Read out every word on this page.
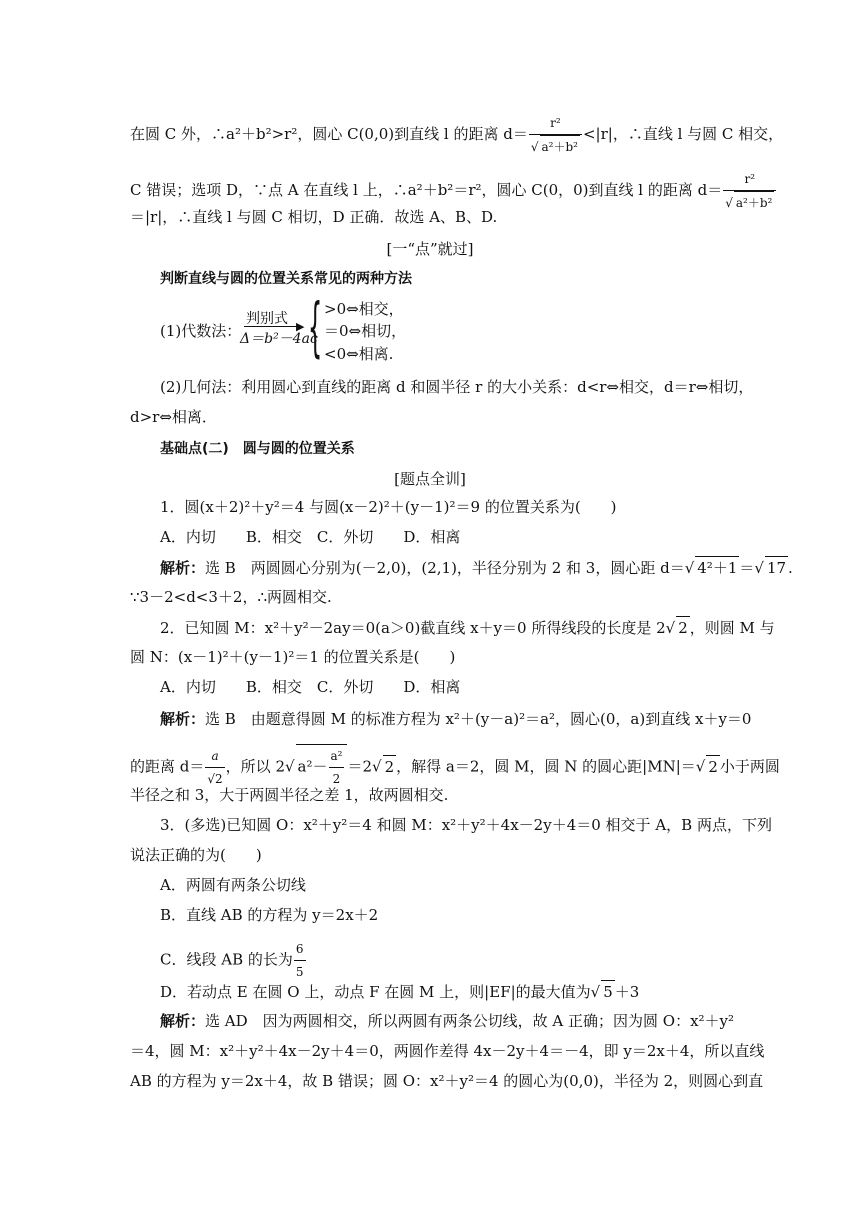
在圆 C 外，∴a²＋b²>r²，圆心 C(0,0)到直线 l 的距离 $d= \frac{\text{r²}}{\text{√ a²＋b²}} <|r|$，∴直线 l 与圆 C 相交，
C 错误；选项 D，∵点 A 在直线 l 上，∴a²＋b²＝r²，圆心 C(0，0)到直线 l 的距离 $d= \frac{\text{r²}}{\text{√ a²＋b²}}$
＝|r|，∴直线 l 与圆 C 相切，D 正确．故选 A、B、D.
[一“点”就过]
判断直线与圆的位置关系常见的两种方法
(1)代数法：
判别式 ▶
Δ＝b²－4ac
{ >0⇔相交，
＝0⇔相切，
<0⇔相离.
(2)几何法：利用圆心到直线的距离 d 和圆半径 r 的大小关系：d<r⇔相交，d＝r⇔相切，
d>r⇔相离．
基础点(二)　圆与圆的位置关系
[题点全训]
1．圆(x＋2)²＋y²＝4 与圆(x－2)²＋(y－1)²＝9 的位置关系为(　　)
A．内切　　B．相交　C．外切　　D．相离
解析：选 B　两圆圆心分别为(－2,0)，(2,1)，半径分别为 2 和 3，圆心距 d＝√ 4²＋1 ＝√ 17 .
∵3－2<d<3＋2，∴两圆相交.
2．已知圆 M：x²＋y²－2ay＝0(a＞0)截直线 x＋y＝0 所得线段的长度是 2√ 2 ，则圆 M 与
圆 N：(x－1)²＋(y－1)²＝1 的位置关系是(　　)
A．内切　　B．相交　C．外切　　D．相离
解析：选 B　由题意得圆 M 的标准方程为 x²＋(y－a)²＝a²，圆心(0，a)到直线 x＋y＝0
的距离 $d= \frac{a}{√2}$ ，所以 2√ $a^2- \frac{\text{a²}}{2} =2√$ 2 ，解得 a＝2，圆 M，圆 N 的圆心距|MN|＝√ 2 小于两圆
半径之和 3，大于两圆半径之差 1，故两圆相交.
3．(多选)已知圆 O：x²＋y²＝4 和圆 M：x²＋y²＋4x－2y＋4＝0 相交于 A，B 两点，下列
说法正确的为(　　)
A．两圆有两条公切线
B．直线 AB 的方程为 y＝2x＋2
C．线段 AB 的长为 $\frac{6}{5}$
D．若动点 E 在圆 O 上，动点 F 在圆 M 上，则|EF|的最大值为√ 5 ＋3
解析：选 AD　因为两圆相交，所以两圆有两条公切线，故 A 正确；因为圆 O：x²＋y²
＝4，圆 M：x²＋y²＋4x－2y＋4＝0，两圆作差得 4x－2y＋4＝－4，即 y＝2x＋4，所以直线
AB 的方程为 y＝2x＋4，故 B 错误；圆 O：x²＋y²＝4 的圆心为(0,0)，半径为 2，则圆心到直
